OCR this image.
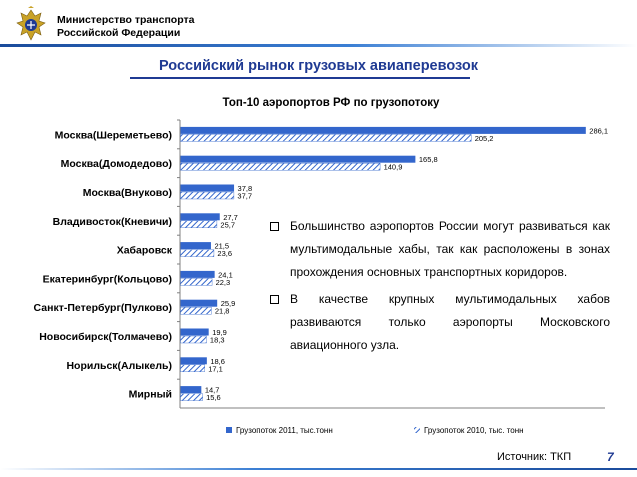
Министерство транспорта
Российской Федерации
Российский рынок грузовых авиаперевозок
Топ-10 аэропортов РФ по грузопотоку
Москва(Шереметьево)	286,1
205,2
Москва(Домодедово)	165,8
140,9
Москва(Внуково)	37,8
37,7
Владивосток(Кневичи)	27,7
25,7
Хабаровск	21,5
23,6
Екатеринбург(Кольцово)	24,1
22,3
Санкт-Петербург(Пулково)	25,9
21,8
Новосибирск(Толмачево)	19,9
18,3
Норильск(Алыкель)	18,6
17,1
Мирный	14,7
15,6
Грузопоток 2011, тыс.тонн	Грузопоток 2010, тыс. тонн
Большинство аэропортов России могут развиваться как мультимодальные хабы, так как расположены в зонах прохождения основных транспортных коридоров.
В качестве крупных мультимодальных хабов развиваются только аэропорты Московского авиационного узла.
Источник: ТКП	7
